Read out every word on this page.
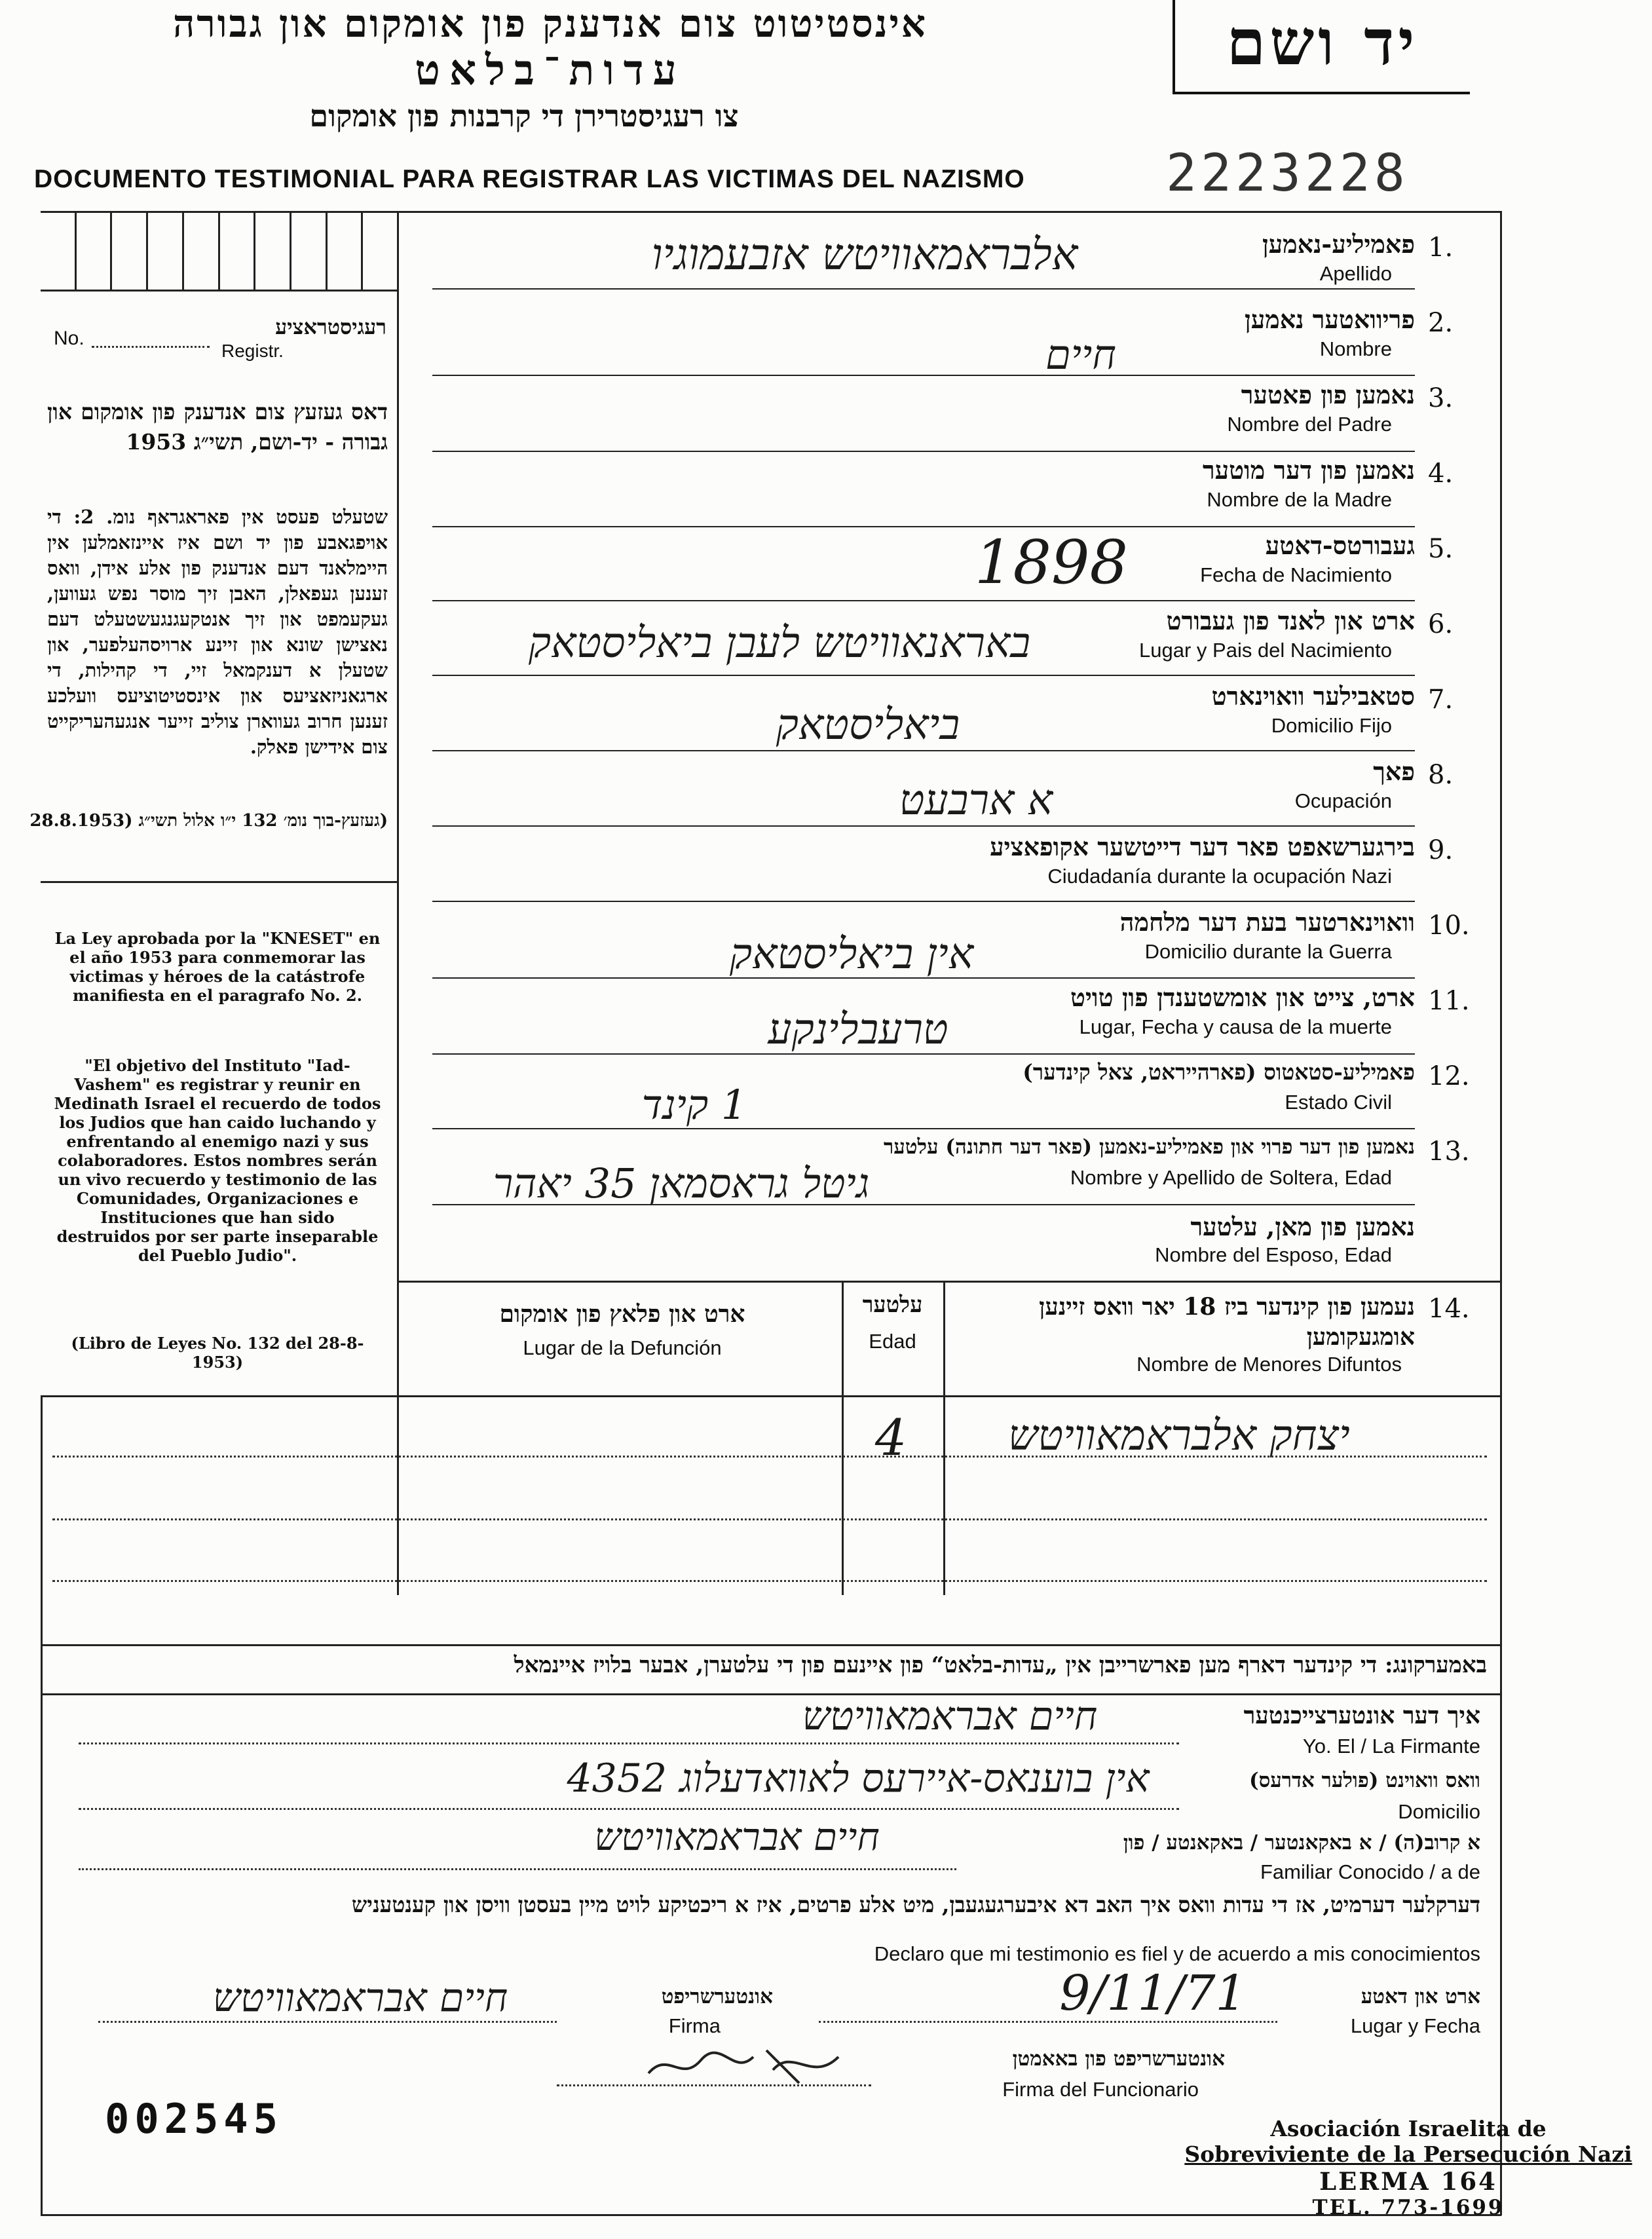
אינסטיטוט צום אנדענק פון אומקום און גבורה
עדות־בלאט
צו רעגיסטרירן די קרבנות פון אומקום
DOCUMENTO TESTIMONIAL PARA REGISTRAR LAS VICTIMAS DEL NAZISMO
יד ושם
2223228
No.
Registr.
רעגיסטראציע
דאס געזעץ צום אנדענק פון אומקום און גבורה - יד-ושם, תשי״ג 1953
שטעלט פעסט אין פאראגראף נומ. 2: די אויפגאבע פון יד ושם איז איינזאמלען אין היימלאנד דעם אנדענק פון אלע אידן, וואס זענען געפאלן, האבן זיך מוסר נפש געווען, געקעמפט און זיך אנטקעגנגעשטעלט דעם נאצישן שונא און זיינע ארויסהעלפער, און שטעלן א דענקמאל זיי, די קהילות, די ארגאניזאציעס און אינסטיטוציעס וועלכע זענען חרוב געווארן צוליב זייער אנגעהעריקייט צום אידישן פאלק.
(געזעץ-בוך נומ׳ 132 י״ו אלול תשי״ג (28.8.1953
La Ley aprobada por la "KNESET" en el año 1953 para conmemorar las victimas y héroes de la catástrofe manifiesta en el paragrafo No. 2.
"El objetivo del Instituto "Iad-Vashem" es registrar y reunir en Medinath Israel el recuerdo de todos los Judios que han caido luchando y enfrentando al enemigo nazi y sus colaboradores. Estos nombres serán un vivo recuerdo y testimonio de las Comunidades, Organizaciones e Instituciones que han sido destruidos por ser parte inseparable del Pueblo Judio".
(Libro de Leyes No. 132 del 28-8-1953)
1.
פאמיליע-נאמען
Apellido
אלבראמאוויטש אזבעמוגיו
2.
פריוואטער נאמען
Nombre
חיים
3.
נאמען פון פאטער
Nombre del Padre
4.
נאמען פון דער מוטער
Nombre de la Madre
5.
געבורטס-דאטע
Fecha de Nacimiento
1898
6.
ארט און לאנד פון געבורט
Lugar y Pais del Nacimiento
באראנאוויטש לעבן ביאליסטאק
7.
סטאבילער וואוינארט
Domicilio Fijo
ביאליסטאק
8.
פאך
Ocupación
א ארבעט
9.
בירגערשאפט פאר דער דייטשער אקופאציע
Ciudadanía durante la ocupación Nazi
10.
וואוינארטער בעת דער מלחמה
Domicilio durante la Guerra
אין ביאליסטאק
11.
ארט, צייט און אומשטענדן פון טויט
Lugar, Fecha y causa de la muerte
טרעבלינקע
12.
פאמיליע-סטאטוס (פארהייראט, צאל קינדער)
Estado Civil
1 קינד
13.
נאמען פון דער פרוי און פאמיליע-נאמען (פאר דער חתונה) עלטער
Nombre y Apellido de Soltera, Edad
גיטל גראסמאן 35 יאהר
נאמען פון מאן, עלטער
Nombre del Esposo, Edad
14.
נעמען פון קינדער ביז 18 יאר וואס זיינען אומגעקומען
Nombre de Menores Difuntos
עלטער
Edad
ארט און פלאץ פון אומקום
Lugar de la Defunción
יצחק אלבראמאוויטש
4
באמערקונג: די קינדער דארף מען פארשרייבן אין „עדות-בלאט“ פון איינעם פון די עלטערן, אבער בלויז איינמאל
איך דער אונטערצייכנטער
Yo. El / La Firmante
חיים אבראמאוויטש
וואס וואוינט (פולער אדרעס)
Domicilio
אין בוענאס-איירעס לאוואדעלוג 4352
א קרוב(ה) / א באקאנטער / באקאנטע / פון
Familiar Conocido / a de
חיים אבראמאוויטש
דערקלער דערמיט, אז די עדות וואס איך האב דא איבערגעגעבן, מיט אלע פרטים, איז א ריכטיקע לויט מיין בעסטן וויסן און קענטעניש
Declaro que mi testimonio es fiel y de acuerdo a mis conocimientos
אונטערשריפט
Firma
חיים אבראמאוויטש	ארט און דאטע
Lugar y Fecha
9/11/71
אונטערשריפט פון באאמטן
Firma del Funcionario
002545	Asociación Israelita de
Sobreviviente de la Persecución Nazi
LERMA 164
TEL. 773-1699
